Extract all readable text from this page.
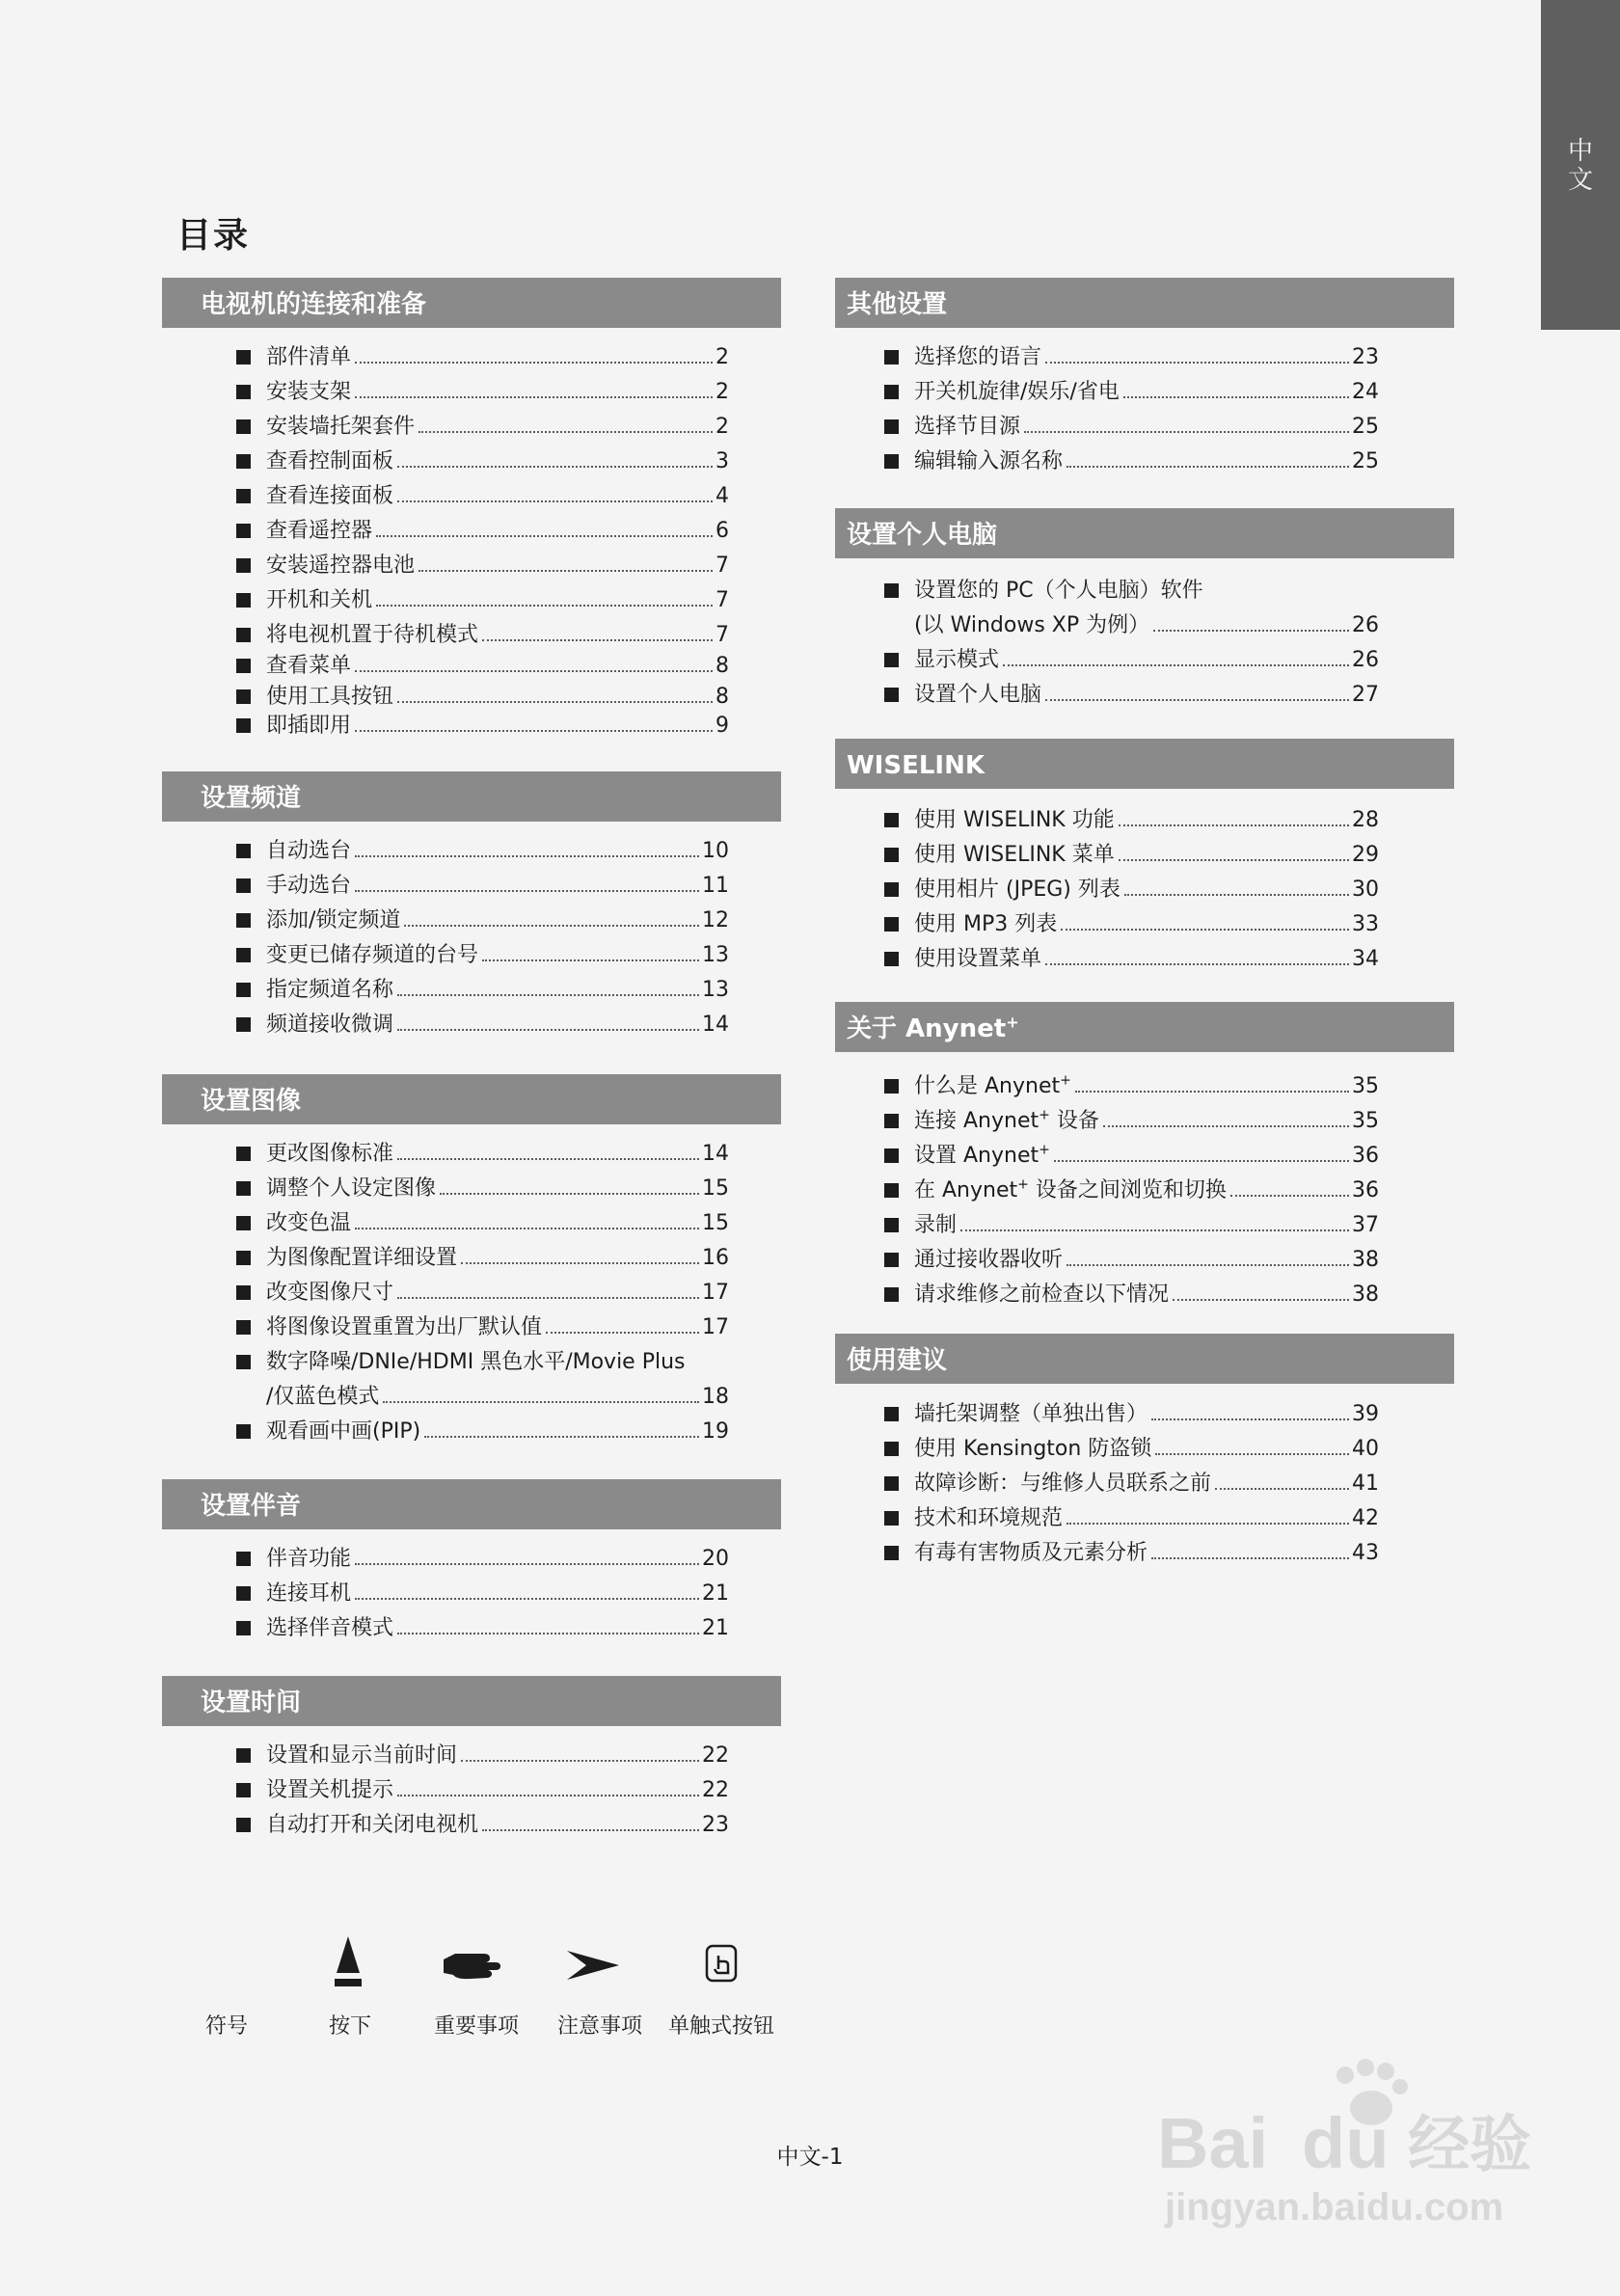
中文
目录
电视机的连接和准备
部件清单	2
安装支架	2
安装墙托架套件	2
查看控制面板	3
查看连接面板	4
查看遥控器	6
安装遥控器电池	7
开机和关机	7
将电视机置于待机模式	7
查看菜单	8
使用工具按钮	8
即插即用	9
设置频道
自动选台	10
手动选台	11
添加/锁定频道	12
变更已储存频道的台号	13
指定频道名称	13
频道接收微调	14
设置图像
更改图像标准	14
调整个人设定图像	15
改变色温	15
为图像配置详细设置	16
改变图像尺寸	17
将图像设置重置为出厂默认值	17
数字降噪/DNIe/HDMI 黑色水平/Movie Plus
/仅蓝色模式	18
观看画中画(PIP)	19
设置伴音
伴音功能	20
连接耳机	21
选择伴音模式	21
设置时间
设置和显示当前时间	22
设置关机提示	22
自动打开和关闭电视机	23
其他设置
选择您的语言	23
开关机旋律/娱乐/省电	24
选择节目源	25
编辑输入源名称	25
设置个人电脑
设置您的 PC（个人电脑）软件
(以 Windows XP 为例）	26
显示模式	26
设置个人电脑	27
WISELINK
使用 WISELINK 功能	28
使用 WISELINK 菜单	29
使用相片 (JPEG) 列表	30
使用 MP3 列表	33
使用设置菜单	34
关于 Anynet+
什么是 Anynet+	35
连接 Anynet+ 设备	35
设置 Anynet+	36
在 Anynet+ 设备之间浏览和切换	36
录制	37
通过接收器收听	38
请求维修之前检查以下情况	38
使用建议
墙托架调整（单独出售）	39
使用 Kensington 防盗锁	40
故障诊断：与维修人员联系之前	41
技术和环境规范	42
有毒有害物质及元素分析	43
符号	按下	重要事项	注意事项	单触式按钮
中文-1	Bai du 经验
jingyan.baidu.com
